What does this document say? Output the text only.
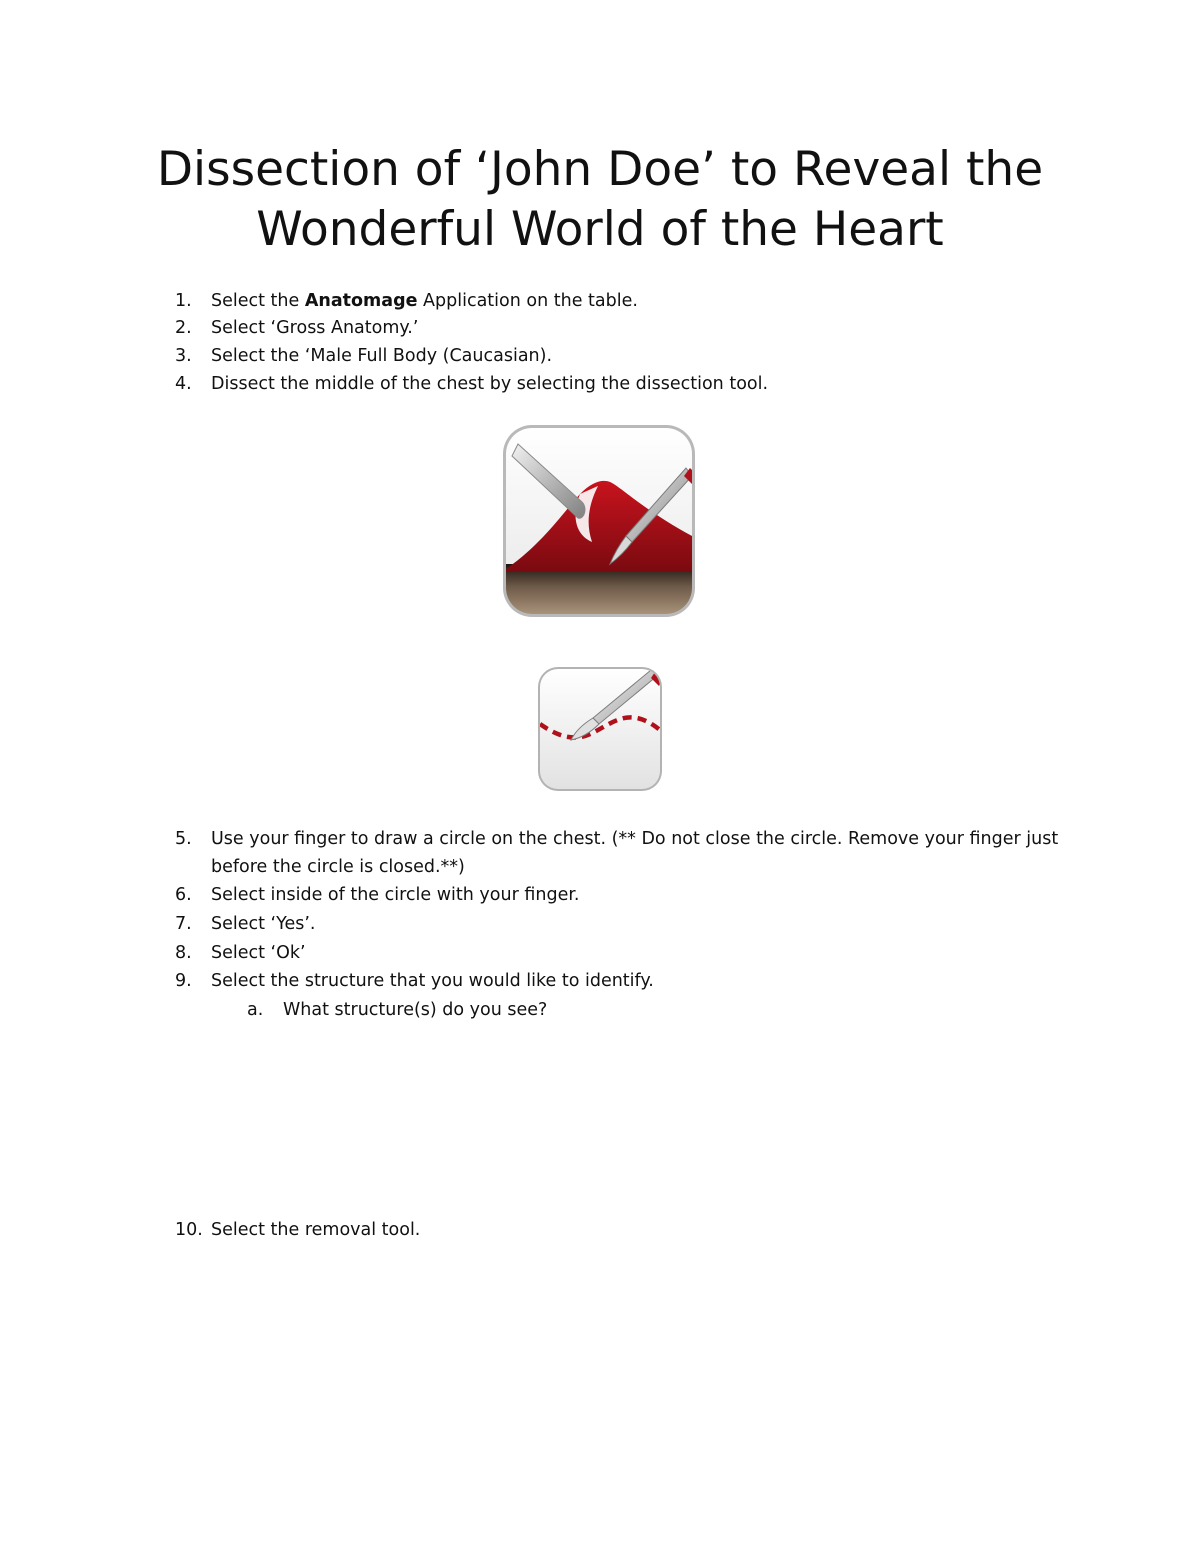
Dissection of ‘John Doe’ to Reveal the
Wonderful World of the Heart
1. Select the Anatomage Application on the table.
2. Select ‘Gross Anatomy.’
3. Select the ‘Male Full Body (Caucasian).
4. Dissect the middle of the chest by selecting the dissection tool.
5. Use your finger to draw a circle on the chest. (** Do not close the circle. Remove your finger just before the circle is closed.**)
6. Select inside of the circle with your finger.
7. Select ‘Yes’.
8. Select ‘Ok’
9. Select the structure that you would like to identify.
a. What structure(s) do you see?
10. Select the removal tool.
